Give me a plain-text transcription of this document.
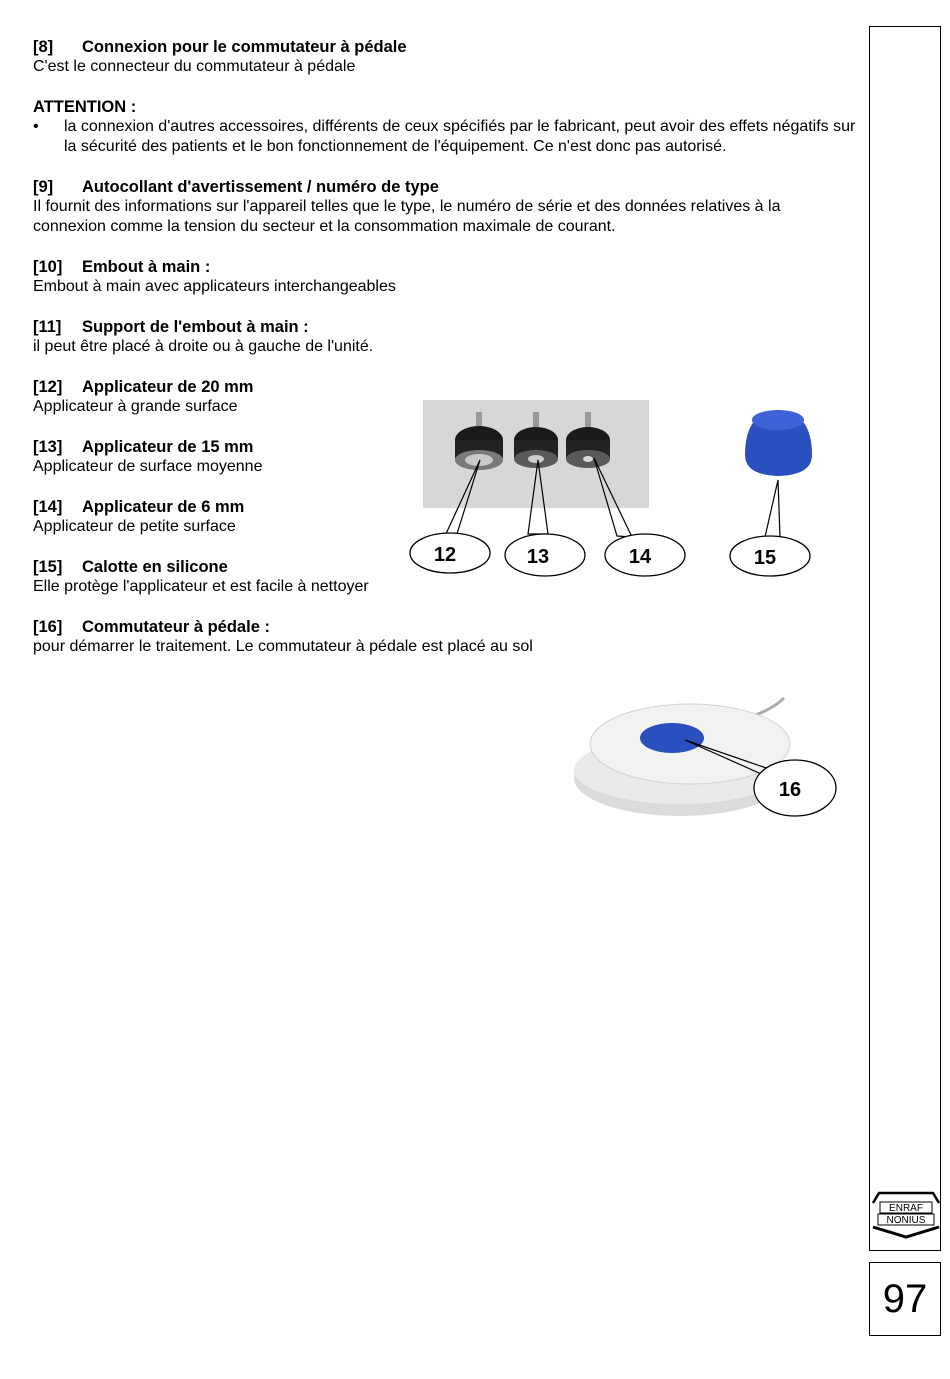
[8] Connexion pour le commutateur à pédale
C'est le connecteur du commutateur à pédale
ATTENTION :
• la connexion d'autres accessoires, différents de ceux spécifiés par le fabricant, peut avoir des effets négatifs sur la sécurité des patients et le bon fonctionnement de l'équipement. Ce n'est donc pas autorisé.
[9] Autocollant d'avertissement / numéro de type
Il fournit des informations sur l'appareil telles que le type, le numéro de série et des données relatives à la connexion comme la tension du secteur et la consommation maximale de courant.
[10] Embout à main :
Embout à main avec applicateurs interchangeables
[11] Support de l'embout à main :
il peut être placé à droite ou à gauche de l'unité.
[12] Applicateur de 20 mm
Applicateur à grande surface
[13] Applicateur de 15 mm
Applicateur de surface moyenne
[14] Applicateur de 6 mm
Applicateur de petite surface
[15] Calotte en silicone
Elle protège l'applicateur et est facile à nettoyer
[16] Commutateur à pédale :
pour démarrer le traitement. Le commutateur à pédale est placé au sol
12	13	14	15
16
ENRAF
NONIUS
97
